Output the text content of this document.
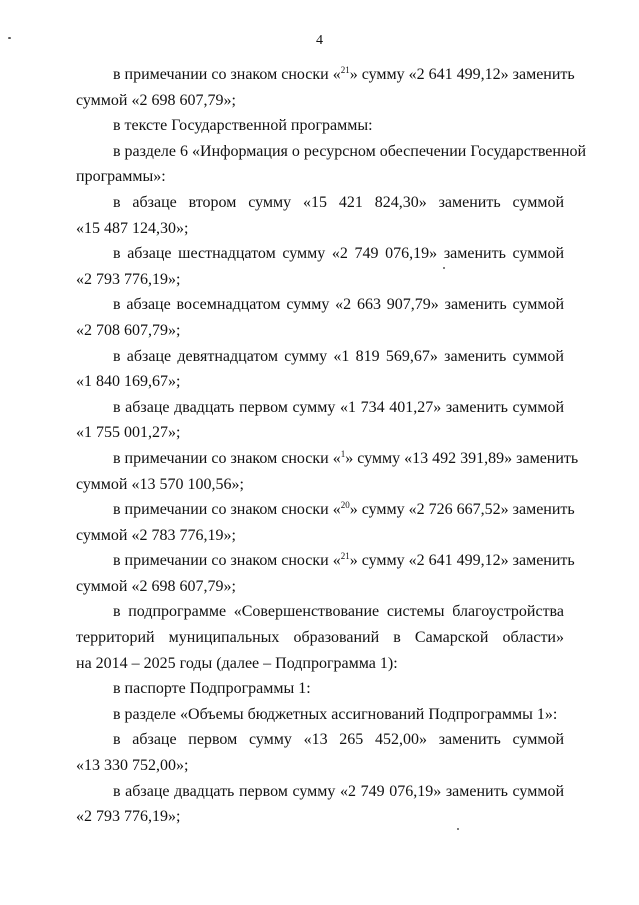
4
в примечании со знаком сноски «$^{21}$» сумму «2 641 499,12» заменить
суммой «2 698 607,79»;
в тексте Государственной программы:
в разделе 6 «Информация о ресурсном обеспечении Государственной
программы»:
в абзаце втором сумму «15 421 824,30» заменить суммой
«15 487 124,30»;
в абзаце шестнадцатом сумму «2 749 076,19» заменить суммой
«2 793 776,19»;
в абзаце восемнадцатом сумму «2 663 907,79» заменить суммой
«2 708 607,79»;
в абзаце девятнадцатом сумму «1 819 569,67» заменить суммой
«1 840 169,67»;
в абзаце двадцать первом сумму «1 734 401,27» заменить суммой
«1 755 001,27»;
в примечании со знаком сноски «$^1$» сумму «13 492 391,89» заменить
суммой «13 570 100,56»;
в примечании со знаком сноски «$^{20}$» сумму «2 726 667,52» заменить
суммой «2 783 776,19»;
в примечании со знаком сноски «$^{21}$» сумму «2 641 499,12» заменить
суммой «2 698 607,79»;
в подпрограмме «Совершенствование системы благоустройства
территорий муниципальных образований в Самарской области»
на 2014 – 2025 годы (далее – Подпрограмма 1):
в паспорте Подпрограммы 1:
в разделе «Объемы бюджетных ассигнований Подпрограммы 1»:
в абзаце первом сумму «13 265 452,00» заменить суммой
«13 330 752,00»;
в абзаце двадцать первом сумму «2 749 076,19» заменить суммой
«2 793 776,19»;
